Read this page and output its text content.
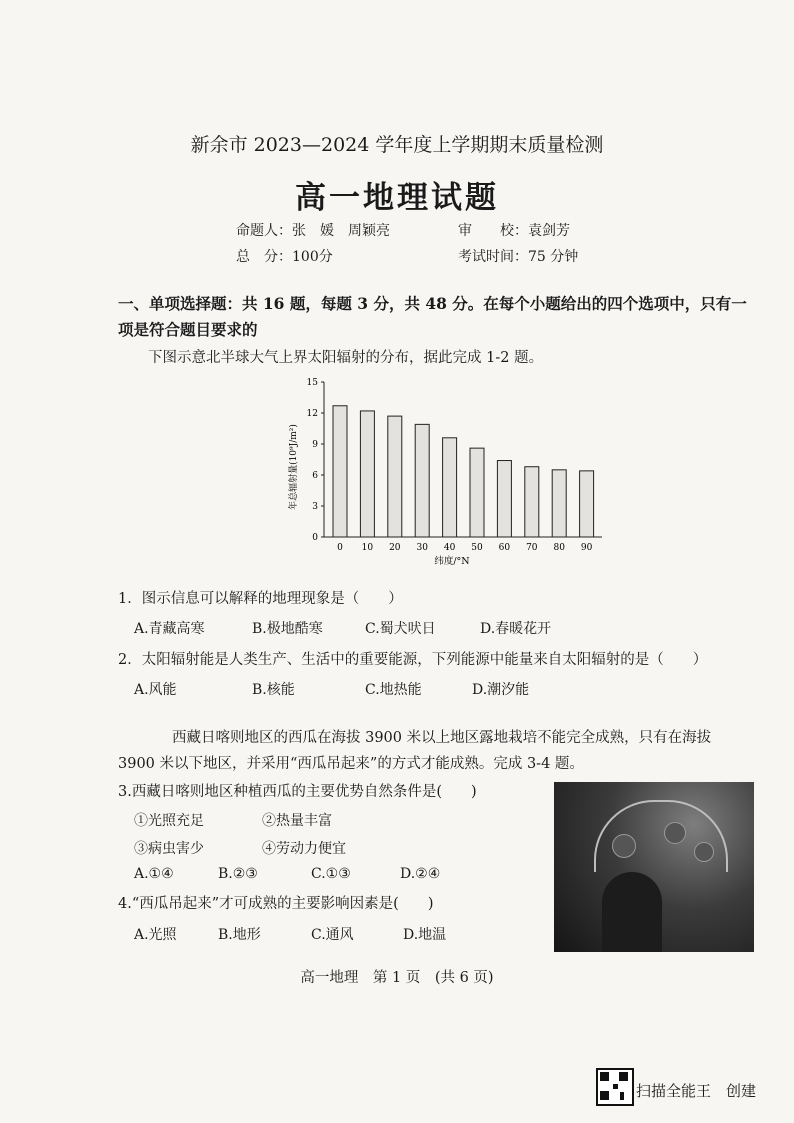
新余市 2023—2024 学年度上学期期末质量检测
高一地理试题
命题人：张　媛　周颖亮	审　　校：袁剑芳
总　分：100分	考试时间：75 分钟
一、单项选择题：共 16 题，每题 3 分，共 48 分。在每个小题给出的四个选项中，只有一
项是符合题目要求的
下图示意北半球大气上界太阳辐射的分布，据此完成 1-2 题。
0
3
6
9
12
15
0 10 20 30 40 50 60 70 80 90
年总辐射量(10⁹J/m²)
纬度/°N
1．图示信息可以解释的地理现象是（　　）
A.青藏高寒	B.极地酷寒	C.蜀犬吠日	D.春暖花开
2．太阳辐射能是人类生产、生活中的重要能源，下列能源中能量来自太阳辐射的是（　　）
A.风能	B.核能	C.地热能	D.潮汐能
西藏日喀则地区的西瓜在海拔 3900 米以上地区露地栽培不能完全成熟，只有在海拔
3900 米以下地区，并采用“西瓜吊起来”的方式才能成熟。完成 3-4 题。
3.西藏日喀则地区种植西瓜的主要优势自然条件是(　　)
①光照充足	②热量丰富
③病虫害少	④劳动力便宜
A.①④	B.②③	C.①③	D.②④
4.“西瓜吊起来”才可成熟的主要影响因素是(　　)
A.光照	B.地形	C.通风	D.地温
高一地理　第 1 页　(共 6 页)
扫描全能王　创建
